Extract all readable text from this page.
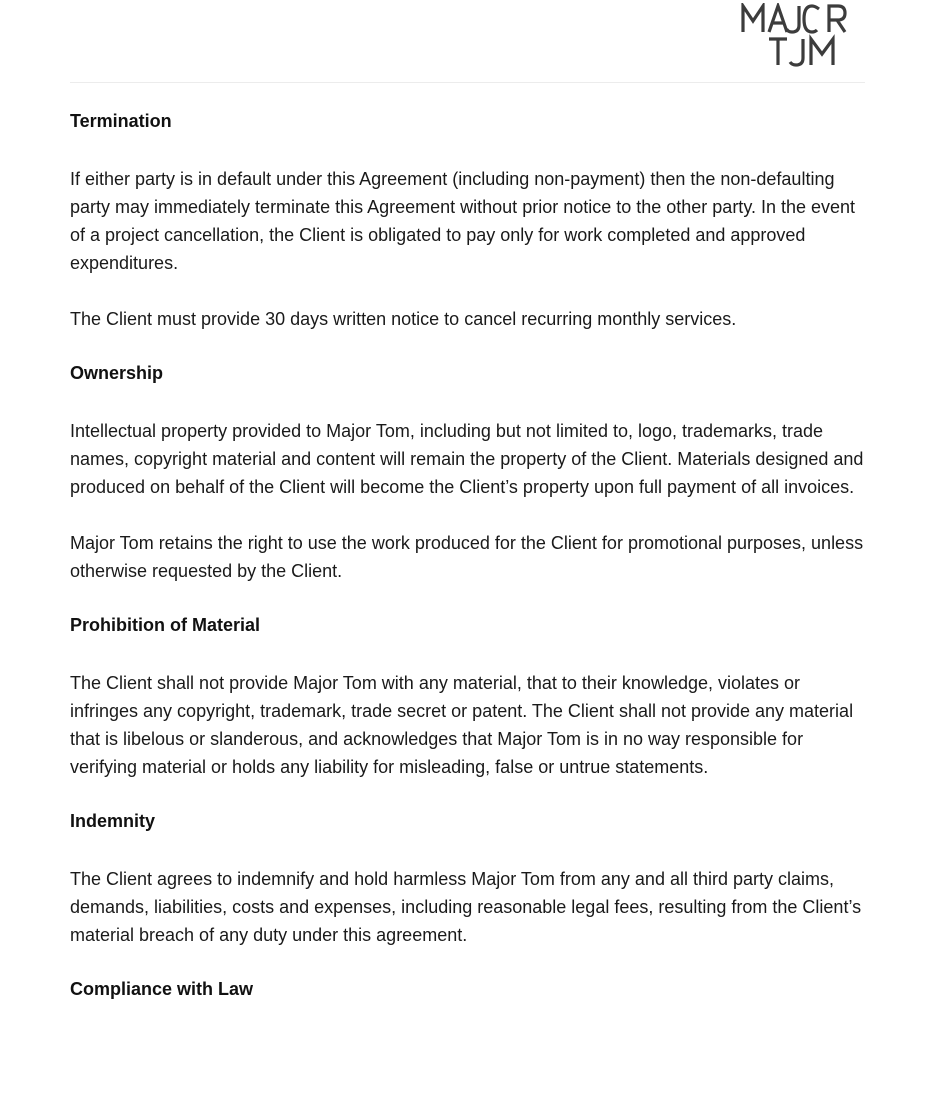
Termination

If either party is in default under this Agreement (including non-payment) then the non-defaulting party may immediately terminate this Agreement without prior notice to the other party. In the event of a project cancellation, the Client is obligated to pay only for work completed and approved expenditures.

The Client must provide 30 days written notice to cancel recurring monthly services.

Ownership

Intellectual property provided to Major Tom, including but not limited to, logo, trademarks, trade names, copyright material and content will remain the property of the Client. Materials designed and produced on behalf of the Client will become the Client’s property upon full payment of all invoices.

Major Tom retains the right to use the work produced for the Client for promotional purposes, unless otherwise requested by the Client.

Prohibition of Material

The Client shall not provide Major Tom with any material, that to their knowledge, violates or infringes any copyright, trademark, trade secret or patent. The Client shall not provide any material that is libelous or slanderous, and acknowledges that Major Tom is in no way responsible for verifying material or holds any liability for misleading, false or untrue statements.

Indemnity

The Client agrees to indemnify and hold harmless Major Tom from any and all third party claims, demands, liabilities, costs and expenses, including reasonable legal fees, resulting from the Client’s material breach of any duty under this agreement.

Compliance with Law
